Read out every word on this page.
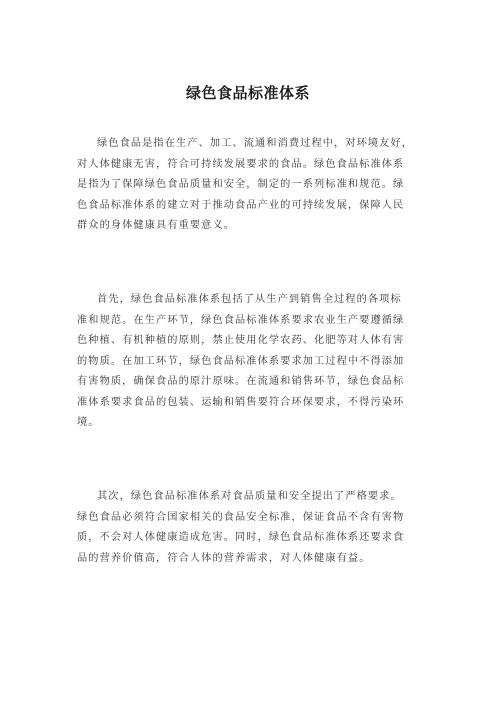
绿色食品标准体系
绿色食品是指在生产、加工、流通和消费过程中，对环境友好，
对人体健康无害，符合可持续发展要求的食品。绿色食品标准体系
是指为了保障绿色食品质量和安全，制定的一系列标准和规范。绿
色食品标准体系的建立对于推动食品产业的可持续发展，保障人民
群众的身体健康具有重要意义。
首先，绿色食品标准体系包括了从生产到销售全过程的各项标
准和规范。在生产环节，绿色食品标准体系要求农业生产要遵循绿
色种植、有机种植的原则，禁止使用化学农药、化肥等对人体有害
的物质。在加工环节，绿色食品标准体系要求加工过程中不得添加
有害物质，确保食品的原汁原味。在流通和销售环节，绿色食品标
准体系要求食品的包装、运输和销售要符合环保要求，不得污染环
境。
其次，绿色食品标准体系对食品质量和安全提出了严格要求。
绿色食品必须符合国家相关的食品安全标准，保证食品不含有害物
质，不会对人体健康造成危害。同时，绿色食品标准体系还要求食
品的营养价值高，符合人体的营养需求，对人体健康有益。
